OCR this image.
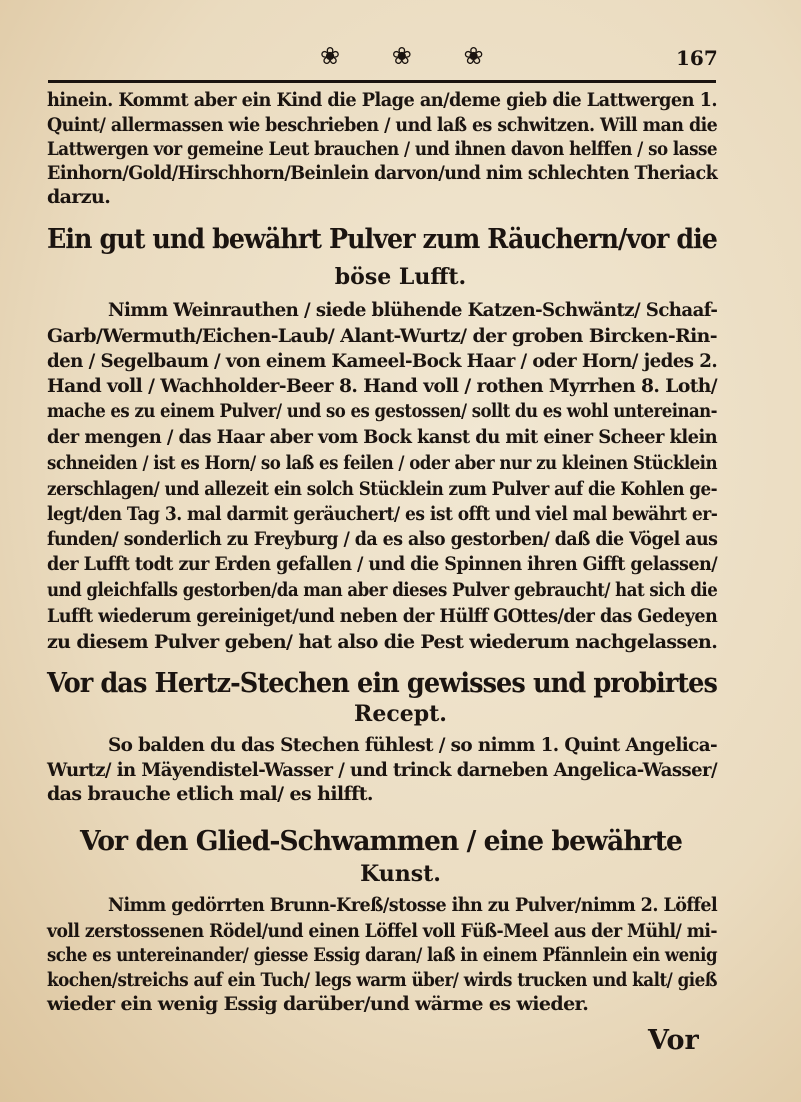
❀ ❀ ❀	167
hinein. Kommt aber ein Kind die Plage an/deme gieb die Lattwergen 1.
Quint/ allermassen wie beschrieben / und laß es schwitzen. Will man die
Lattwergen vor gemeine Leut brauchen / und ihnen davon helffen / so lasse
Einhorn/Gold/Hirschhorn/Beinlein darvon/und nim schlechten Theriack
darzu.
Ein gut und bewährt Pulver zum Räuchern/vor die
böse Lufft.
Nimm Weinrauthen / siede blühende Katzen-Schwäntz/ Schaaf-
Garb/Wermuth/Eichen-Laub/ Alant-Wurtz/ der groben Bircken-Rin-
den / Segelbaum / von einem Kameel-Bock Haar / oder Horn/ jedes 2.
Hand voll / Wachholder-Beer 8. Hand voll / rothen Myrrhen 8. Loth/
mache es zu einem Pulver/ und so es gestossen/ sollt du es wohl untereinan-
der mengen / das Haar aber vom Bock kanst du mit einer Scheer klein
schneiden / ist es Horn/ so laß es feilen / oder aber nur zu kleinen Stücklein
zerschlagen/ und allezeit ein solch Stücklein zum Pulver auf die Kohlen ge-
legt/den Tag 3. mal darmit geräuchert/ es ist offt und viel mal bewährt er-
funden/ sonderlich zu Freyburg / da es also gestorben/ daß die Vögel aus
der Lufft todt zur Erden gefallen / und die Spinnen ihren Gifft gelassen/
und gleichfalls gestorben/da man aber dieses Pulver gebraucht/ hat sich die
Lufft wiederum gereiniget/und neben der Hülff GOttes/der das Gedeyen
zu diesem Pulver geben/ hat also die Pest wiederum nachgelassen.
Vor das Hertz-Stechen ein gewisses und probirtes
Recept.
So balden du das Stechen fühlest / so nimm 1. Quint Angelica-
Wurtz/ in Mäyendistel-Wasser / und trinck darneben Angelica-Wasser/
das brauche etlich mal/ es hilfft.
Vor den Glied-Schwammen / eine bewährte
Kunst.
Nimm gedörrten Brunn-Kreß/stosse ihn zu Pulver/nimm 2. Löffel
voll zerstossenen Rödel/und einen Löffel voll Füß-Meel aus der Mühl/ mi-
sche es untereinander/ giesse Essig daran/ laß in einem Pfännlein ein wenig
kochen/streichs auf ein Tuch/ legs warm über/ wirds trucken und kalt/ gieß
wieder ein wenig Essig darüber/und wärme es wieder.
Vor
